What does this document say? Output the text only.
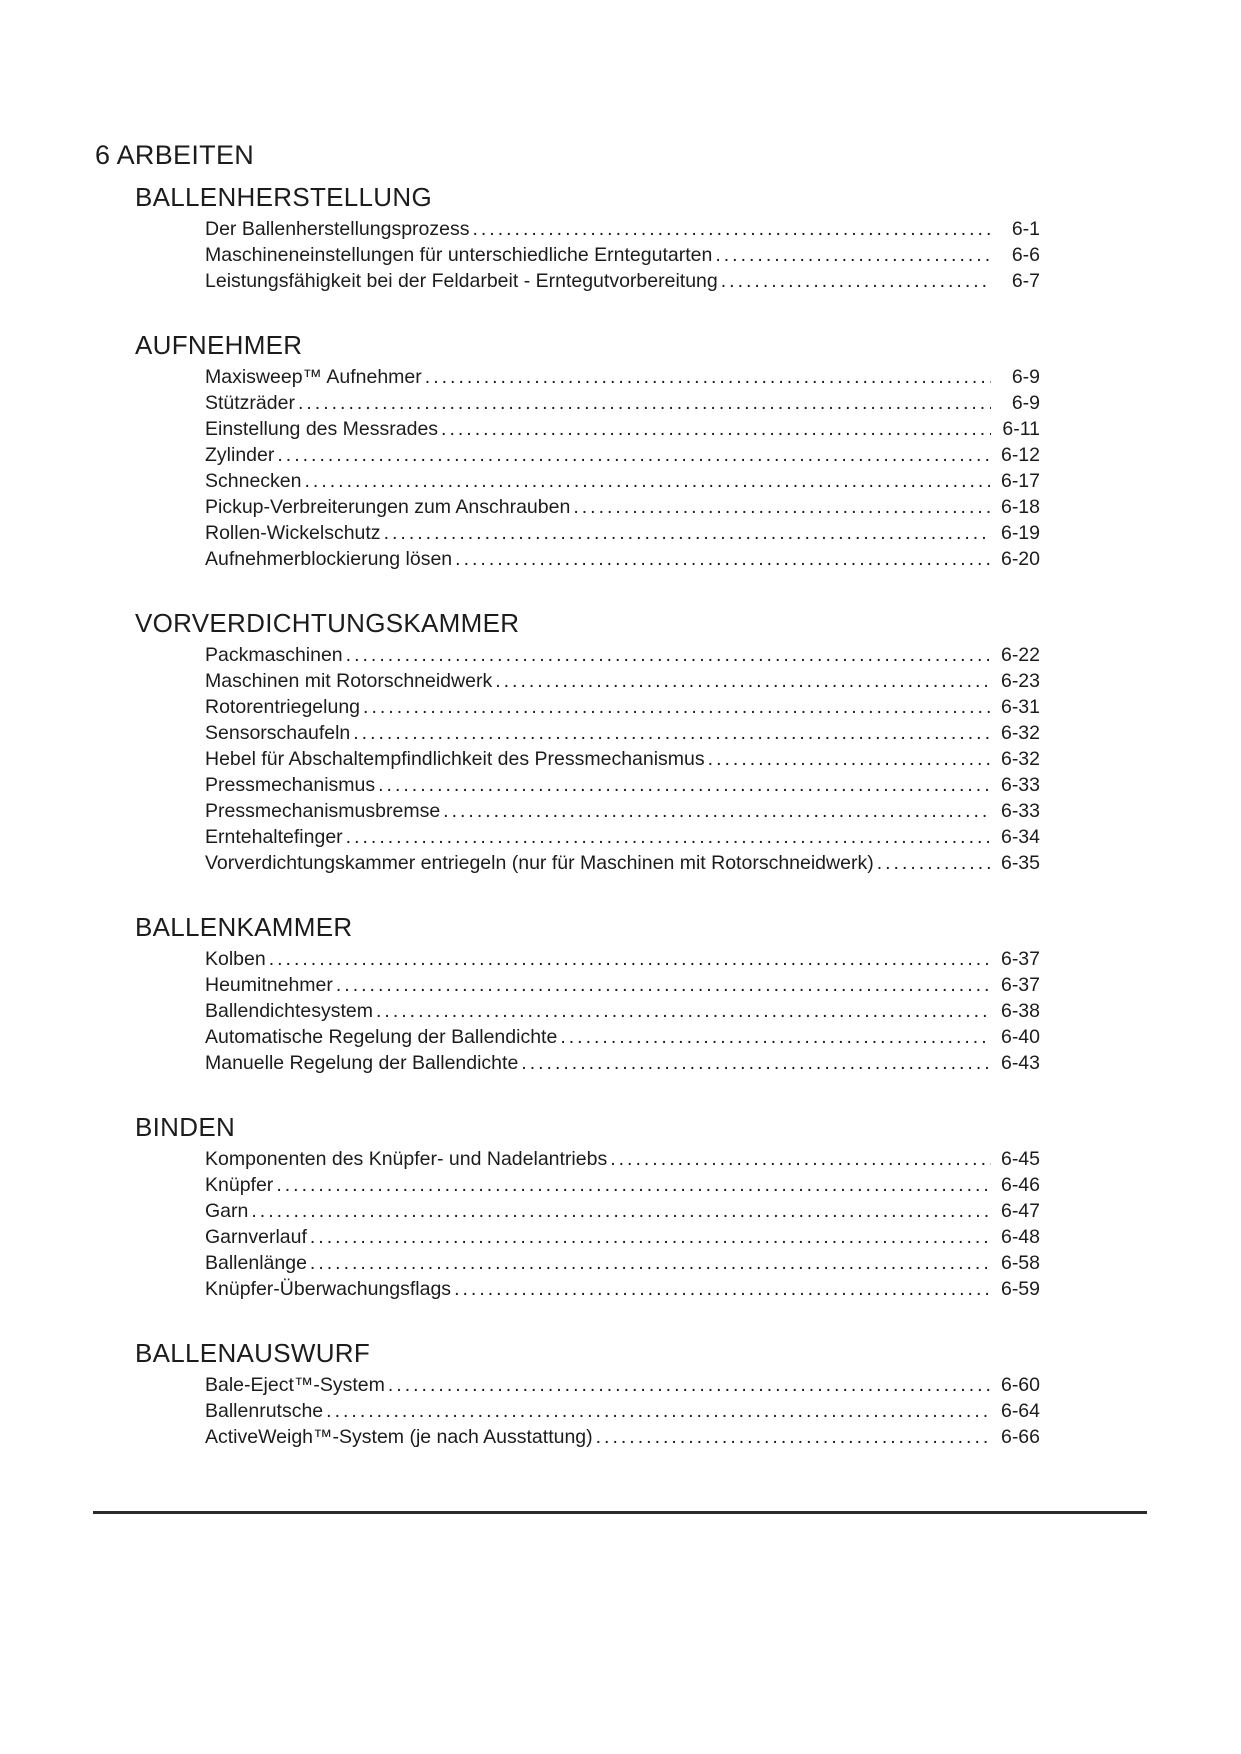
6 ARBEITEN
BALLENHERSTELLUNG
Der Ballenherstellungsprozess .....	6-1
Maschineneinstellungen für unterschiedliche Erntegutarten .....	6-6
Leistungsfähigkeit bei der Feldarbeit - Erntegutvorbereitung .....	6-7
AUFNEHMER
Maxisweep™ Aufnehmer .....	6-9
Stützräder .....	6-9
Einstellung des Messrades .....	6-11
Zylinder .....	6-12
Schnecken .....	6-17
Pickup-Verbreiterungen zum Anschrauben .....	6-18
Rollen-Wickelschutz .....	6-19
Aufnehmerblockierung lösen .....	6-20
VORVERDICHTUNGSKAMMER
Packmaschinen .....	6-22
Maschinen mit Rotorschneidwerk .....	6-23
Rotorentriegelung .....	6-31
Sensorschaufeln .....	6-32
Hebel für Abschaltempfindlichkeit des Pressmechanismus .....	6-32
Pressmechanismus .....	6-33
Pressmechanismusbremse .....	6-33
Erntehaltefinger .....	6-34
Vorverdichtungskammer entriegeln (nur für Maschinen mit Rotorschneidwerk) .....	6-35
BALLENKAMMER
Kolben .....	6-37
Heumitnehmer .....	6-37
Ballendichtesystem .....	6-38
Automatische Regelung der Ballendichte .....	6-40
Manuelle Regelung der Ballendichte .....	6-43
BINDEN
Komponenten des Knüpfer- und Nadelantriebs .....	6-45
Knüpfer .....	6-46
Garn .....	6-47
Garnverlauf .....	6-48
Ballenlänge .....	6-58
Knüpfer-Überwachungsflags .....	6-59
BALLENAUSWURF
Bale-Eject™-System .....	6-60
Ballenrutsche .....	6-64
ActiveWeigh™-System (je nach Ausstattung) .....	6-66
